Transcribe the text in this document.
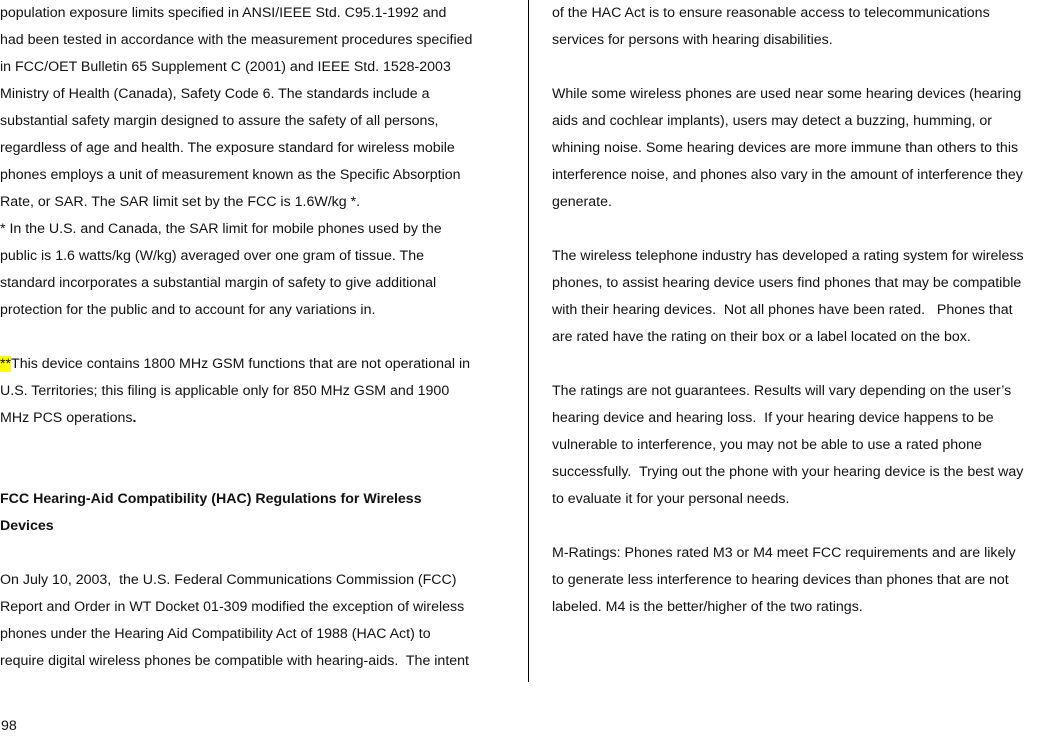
population exposure limits specified in ANSI/IEEE Std. C95.1-1992 and
had been tested in accordance with the measurement procedures specified
in FCC/OET Bulletin 65 Supplement C (2001) and IEEE Std. 1528-2003
Ministry of Health (Canada), Safety Code 6. The standards include a
substantial safety margin designed to assure the safety of all persons,
regardless of age and health. The exposure standard for wireless mobile
phones employs a unit of measurement known as the Specific Absorption
Rate, or SAR. The SAR limit set by the FCC is 1.6W/kg *.
* In the U.S. and Canada, the SAR limit for mobile phones used by the
public is 1.6 watts/kg (W/kg) averaged over one gram of tissue. The
standard incorporates a substantial margin of safety to give additional
protection for the public and to account for any variations in.
**This device contains 1800 MHz GSM functions that are not operational in
U.S. Territories; this filing is applicable only for 850 MHz GSM and 1900
MHz PCS operations.
FCC Hearing-Aid Compatibility (HAC) Regulations for Wireless
Devices
On July 10, 2003,  the U.S. Federal Communications Commission (FCC)
Report and Order in WT Docket 01-309 modified the exception of wireless
phones under the Hearing Aid Compatibility Act of 1988 (HAC Act) to
require digital wireless phones be compatible with hearing-aids.  The intent
of the HAC Act is to ensure reasonable access to telecommunications
services for persons with hearing disabilities.
While some wireless phones are used near some hearing devices (hearing
aids and cochlear implants), users may detect a buzzing, humming, or
whining noise. Some hearing devices are more immune than others to this
interference noise, and phones also vary in the amount of interference they
generate.
The wireless telephone industry has developed a rating system for wireless
phones, to assist hearing device users find phones that may be compatible
with their hearing devices.  Not all phones have been rated.   Phones that
are rated have the rating on their box or a label located on the box.
The ratings are not guarantees. Results will vary depending on the user’s
hearing device and hearing loss.  If your hearing device happens to be
vulnerable to interference, you may not be able to use a rated phone
successfully.  Trying out the phone with your hearing device is the best way
to evaluate it for your personal needs.
M-Ratings: Phones rated M3 or M4 meet FCC requirements and are likely
to generate less interference to hearing devices than phones that are not
labeled. M4 is the better/higher of the two ratings.
98
